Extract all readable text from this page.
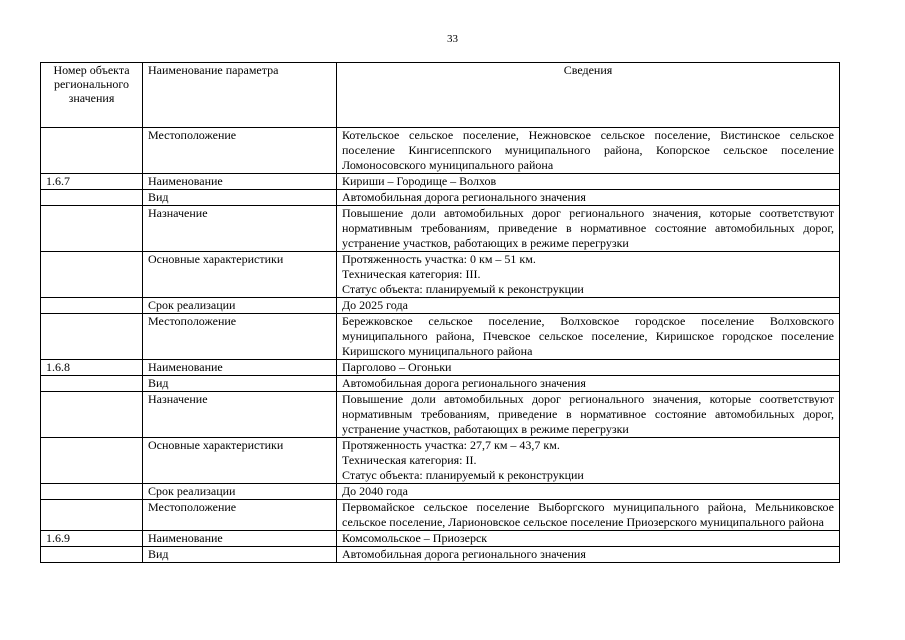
33
Номер объекта регионального значения	Наименование параметра	Сведения
	Местоположение	Котельское сельское поселение, Нежновское сельское поселение, Вистинское сельское поселение Кингисеппского муниципального района, Копорское сельское поселение Ломоносовского муниципального района

1.6.7	Наименование	Кириши – Городище – Волхов

	Вид	Автомобильная дорога регионального значения

	Назначение	Повышение доли автомобильных дорог регионального значения, которые соответствуют нормативным требованиям, приведение в нормативное состояние автомобильных дорог, устранение участков, работающих в режиме перегрузки

	Основные характеристики	Протяженность участка: 0 км – 51 км.
Техническая категория: III.
Статус объекта: планируемый к реконструкции

	Срок реализации	До 2025 года

	Местоположение	Бережковское сельское поселение, Волховское городское поселение Волховского муниципального района, Пчевское сельское поселение, Киришское городское поселение Киришского муниципального района

1.6.8	Наименование	Парголово – Огоньки

	Вид	Автомобильная дорога регионального значения

	Назначение	Повышение доли автомобильных дорог регионального значения, которые соответствуют нормативным требованиям, приведение в нормативное состояние автомобильных дорог, устранение участков, работающих в режиме перегрузки

	Основные характеристики	Протяженность участка: 27,7 км – 43,7 км.
Техническая категория: II.
Статус объекта: планируемый к реконструкции

	Срок реализации	До 2040 года

	Местоположение	Первомайское сельское поселение Выборгского муниципального района, Мельниковское сельское поселение, Ларионовское сельское поселение Приозерского муниципального района

1.6.9	Наименование	Комсомольское – Приозерск

	Вид	Автомобильная дорога регионального значения
